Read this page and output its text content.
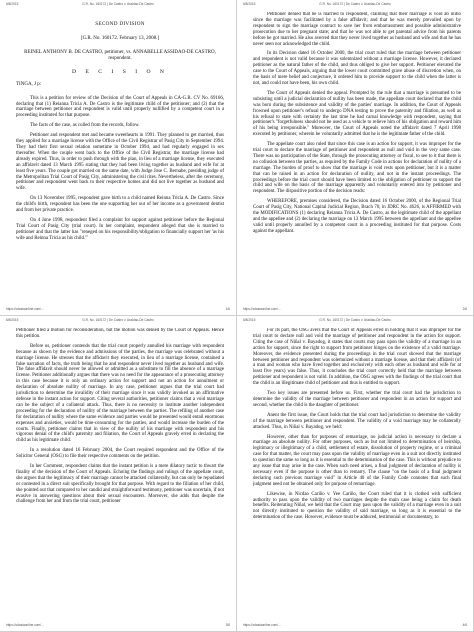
6/8/2015	G.R. No. 160172 | De Castro v. Assidao-De Castro
SECOND DIVISION
[G.R. No. 160172. February 13, 2008.]
REINEL ANTHONY B. DE CASTRO, petitioner, vs. ANNABELLE ASSIDAO-DE CASTRO, respondent.
D E C I S I O N
TINGA, J p:

This is a petition for review of the Decision of the Court of Appeals in CA-G.R. CV No. 69166, declaring that (1) Reianna Tricia A. De Castro is the legitimate child of the petitioner; and (2) that the marriage between petitioner and respondent is valid until properly nullified by a competent court in a proceeding instituted for that purpose.

The facts of the case, as culled from the records, follow.

Petitioner and respondent met and became sweethearts in 1991. They planned to get married, thus they applied for a marriage license with the Office of the Civil Registrar of Pasig City in September 1994. They had their first sexual relation sometime in October 1994, and had regularly engaged in sex thereafter. When the couple went back to the Office of the Civil Registrar, the marriage license had already expired. Thus, in order to push through with the plan, in lieu of a marriage license, they executed an affidavit dated 13 March 1995 stating that they had been living together as husband and wife for at least five years. The couple got married on the same date, with Judge Jose C. Bernabe, presiding judge of the Metropolitan Trial Court of Pasig City, administering the civil rites. Nevertheless, after the ceremony, petitioner and respondent went back to their respective homes and did not live together as husband and wife.

On 13 November 1995, respondent gave birth to a child named Reinna Tricia A. De Castro. Since the child's birth, respondent has been the one supporting her out of her income as a government dentist and from her private practice.

On 4 June 1998, respondent filed a complaint for support against petitioner before the Regional Trial Court of Pasig City (trial court). In her complaint, respondent alleged that she is married to petitioner and that the latter has "reneged on his responsibility/obligation to financially support her 'as his wife and Reinna Tricia as his child.'"

https://cdasiaonline.com/...	1/6
6/8/2015	G.R. No. 160172 | De Castro v. Assidao-De Castro

Petitioner denied that he is married to respondent, claiming that their marriage is void ab initio since the marriage was facilitated by a false affidavit; and that he was merely prevailed upon by respondent to sign the marriage contract to save her from embarrassment and possible administrative prosecution due to her pregnant state; and that he was not able to get parental advice from his parents before he got married. He also averred that they never lived together as husband and wife and that he has never seen nor acknowledged the child.

In its Decision dated 16 October 2000, the trial court ruled that the marriage between petitioner and respondent is not valid because it was solemnized without a marriage license. However, it declared petitioner as the natural father of the child, and thus obliged to give her support. Petitioner elevated the case to the Court of Appeals, arguing that the lower court committed grave abuse of discretion when, on the basis of mere belief and conjecture, it ordered him to provide support to the child when the latter is not, and could not have been, his own child.

The Court of Appeals denied the appeal. Prompted by the rule that a marriage is presumed to be subsisting until a judicial declaration of nullity has been made, the appellate court declared that the child was born during the subsistence and validity of the parties' marriage. In addition, the Court of Appeals frowned upon petitioner's refusal to undergo DNA testing to prove the paternity and filiation, as well as his refusal to state with certainty the last time he had carnal knowledge with respondent, saying that petitioner's "forgetfulness should not be used as a vehicle to relieve him of his obligation and reward him of his being irresponsible." Moreover, the Court of Appeals noted the affidavit dated 7 April 1998 executed by petitioner, wherein he voluntarily admitted that he is the legitimate father of the child.

The appellate court also ruled that since this case is an action for support, it was improper for the trial court to declare the marriage of petitioner and respondent as null and void in the very same case. There was no participation of the State, through the prosecuting attorney or fiscal, to see to it that there is no collusion between the parties, as required by the Family Code in actions for declaration of nullity of a marriage. The burden of proof to show that the marriage is void rests upon petitioner, but it is a matter that can be raised in an action for declaration of nullity, and not in the instant proceedings. The proceedings before the trial court should have been limited to the obligation of petitioner to support the child and wife on the basis of the marriage apparently and voluntarily entered into by petitioner and respondent. The dispositive portion of the decision reads:

WHEREFORE, premises considered, the Decision dated 16 October 2000, of the Regional Trial Court of Pasig City, National Capital Judicial Region, Brach 70, in JDRC No. 4626, is AFFIRMED with the MODIFICATIONS (1) declaring Reianna Tricia A. De Castro, as the legitimate child of the appellant and the appellee and (2) declaring the marriage on 13 March 1995 between the appellant and the appellee valid until properly annulled by a competent court in a proceeding instituted for that purpose. Costs against the appellant.

https://cdasiaonline.com/...	2/6
6/8/2015	G.R. No. 160172 | De Castro v. Assidao-De Castro

Petitioner filed a motion for reconsideration, but the motion was denied by the Court of Appeals. Hence this petition.

Before us, petitioner contends that the trial court properly annulled his marriage with respondent because as shown by the evidence and admissions of the parties, the marriage was celebrated without a marriage license. He stresses that the affidavit they executed, in lieu of a marriage license, contained a false narration of facts, the truth being that he and respondent never lived together as husband and wife. The false affidavit should never be allowed or admitted as a substitute to fill the absence of a marriage license. Petitioner additionally argues that there was no need for the appearance of a prosecuting attorney in this case because it is only an ordinary action for support and not an action for annulment or declaration of absolute nullity of marriage. In any case, petitioner argues that the trial court had jurisdiction to determine the invalidity of their marriage since it was validly invoked as an affirmative defense in the instant action for support. Citing several authorities, petitioner claims that a void marriage can be the subject of a collateral attack. Thus, there is no necessity to institute another independent proceeding for the declaration of nullity of the marriage between the parties. The refiling of another case for declaration of nullity where the same evidence and parties would be presented would entail enormous expenses and anxieties, would be time-consuming for the parties, and would increase the burden of the courts. Finally, petitioner claims that in view of the nullity of his marriage with respondent and his vigorous denial of the child's paternity and filiation, the Court of Appeals gravely erred in declaring the child as his legitimate child.

In a resolution dated 16 February 2004, the Court required respondent and the Office of the Solicitor General (OSG) to file their respective comments on the petition.

In her Comment, respondent claims that the instant petition is a mere dilatory tactic to thwart the finality of the decision of the Court of Appeals. Echoing the findings and rulings of the appellate court, she argues that the legitimacy of their marriage cannot be attacked collaterally, but can only be repudiated or contested in a direct suit specifically brought for that purpose. With regard to the filiation of her child, she pointed out that compared to her candid and straightforward testimony, petitioner was uncertain, if not evasive in answering questions about their sexual encounters. Moreover, she adds that despite the challenge from her and from the trial court, petitioner

https://cdasiaonline.com/...	3/6
6/8/2015	G.R. No. 160172 | De Castro v. Assidao-De Castro

For its part, the OSG avers that the Court of Appeals erred in holding that it was improper for the trial court to declare null and void the marriage of petitioner and respondent in the action for support. Citing the case of Niñal v. Bayadog, it states that courts may pass upon the validity of a marriage in an action for support, since the right to support from petitioner hinges on the existence of a valid marriage. Moreover, the evidence presented during the proceedings in the trial court showed that the marriage between petitioner and respondent was solemnized without a marriage license, and that their affidavit (of a man and woman who have lived together and exclusively with each other as husband and wife for at least five years) was false. Thus, it concludes the trial court correctly held that the marriage between petitioner and respondent is not valid. In addition, the OSG agrees with the findings of the trial court that the child is an illegitimate child of petitioner and thus is entitled to support.

Two key issues are presented before us. First, whether the trial court had the jurisdiction to determine the validity of the marriage between petitioner and respondent in an action for support and second, whether the child is the daughter of petitioner.

Anent the first issue, the Court holds that the trial court had jurisdiction to determine the validity of the marriage between petitioner and respondent. The validity of a void marriage may be collaterally attacked. Thus, in Niñal v. Bayadog, we held:

However, other than for purposes of remarriage, no judicial action is necessary to declare a marriage an absolute nullity. For other purposes, such as but not limited to determination of heirship, legitimacy or illegitimacy of a child, settlement of estate, dissolution of property regime, or a criminal case for that matter, the court may pass upon the validity of marriage even in a suit not directly instituted to question the same so long as it is essential to the determination of the case. This is without prejudice to any issue that may arise in the case. When such need arises, a final judgment of declaration of nullity is necessary even if the purpose is other than to remarry. The clause "on the basis of a final judgment declaring such previous marriage void" in Article 40 of the Family Code connotes that such final judgment need not be obtained only for purpose of remarriage.

Likewise, in Nicdao Cariño v. Yee Cariño, the Court ruled that it is clothed with sufficient authority to pass upon the validity of two marriages despite the main case being a claim for death benefits. Reiterating Niñal, we held that the Court may pass upon the validity of a marriage even in a suit not directly instituted to question the validity of said marriage, so long as it is essential to the determination of the case. However, evidence must be adduced, testimonial or documentary, to

https://cdasiaonline.com/...	4/6
